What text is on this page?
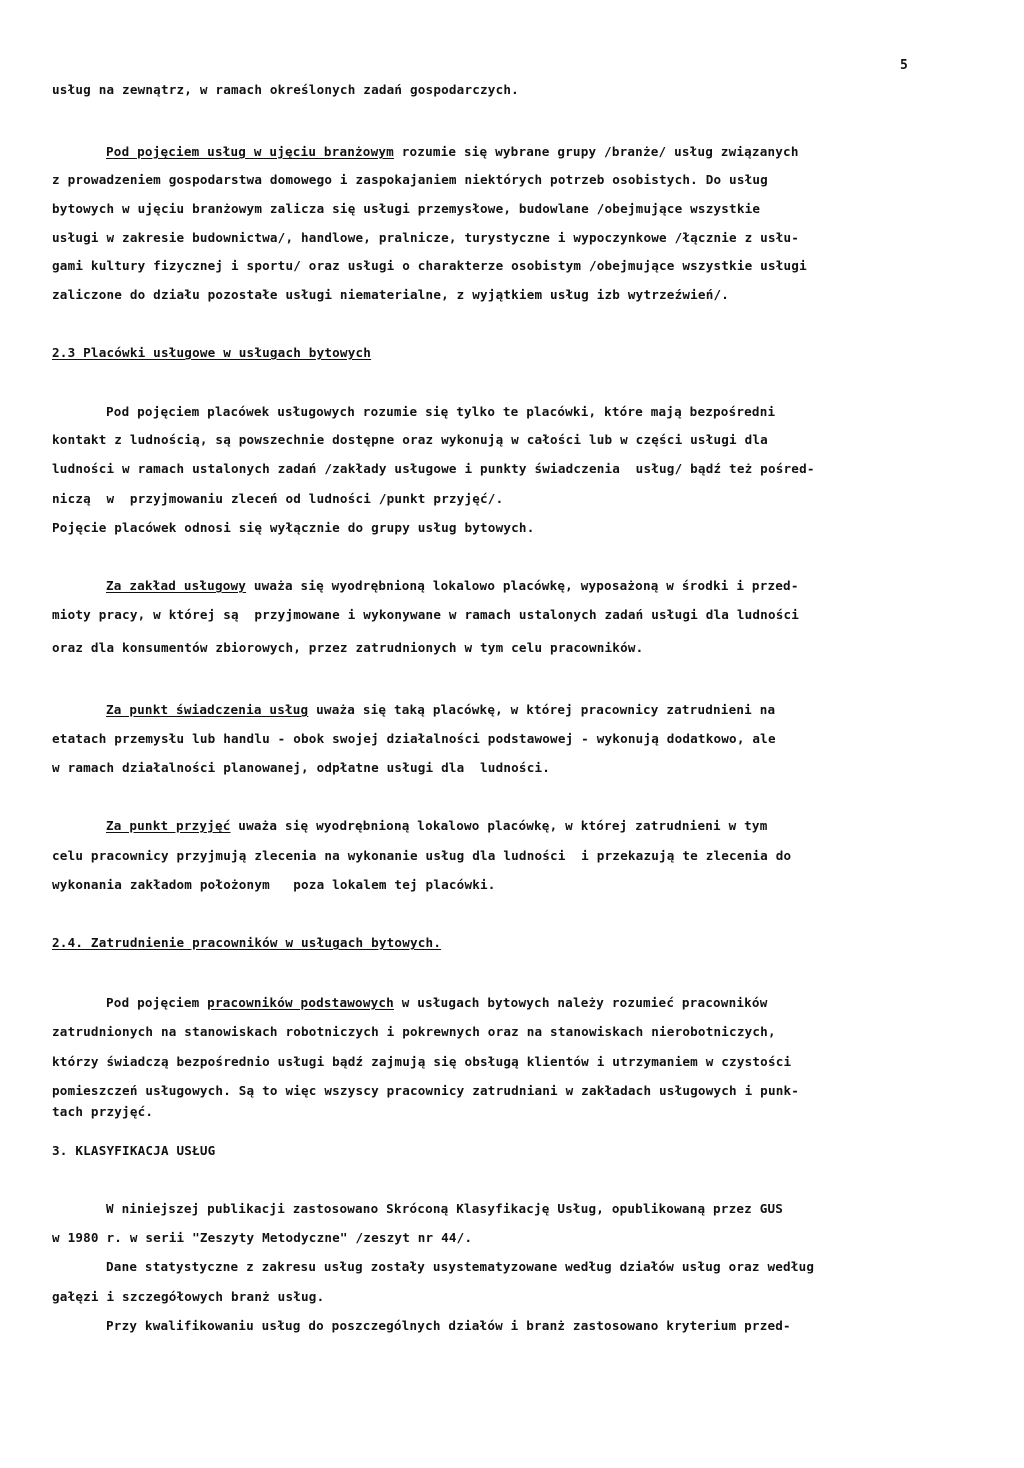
5
usług na zewnątrz, w ramach określonych zadań gospodarczych.
Pod pojęciem usług w ujęciu branżowym rozumie się wybrane grupy /branże/ usług związanych
z prowadzeniem gospodarstwa domowego i zaspokajaniem niektórych potrzeb osobistych. Do usług
bytowych w ujęciu branżowym zalicza się usługi przemysłowe, budowlane /obejmujące wszystkie
usługi w zakresie budownictwa/, handlowe, pralnicze, turystyczne i wypoczynkowe /łącznie z usłu-
gami kultury fizycznej i sportu/ oraz usługi o charakterze osobistym /obejmujące wszystkie usługi
zaliczone do działu pozostałe usługi niematerialne, z wyjątkiem usług izb wytrzeźwień/.
2.3 Placówki usługowe w usługach bytowych
Pod pojęciem placówek usługowych rozumie się tylko te placówki, które mają bezpośredni
kontakt z ludnością, są powszechnie dostępne oraz wykonują w całości lub w części usługi dla
ludności w ramach ustalonych zadań /zakłady usługowe i punkty świadczenia  usług/ bądź też pośred-
niczą  w  przyjmowaniu zleceń od ludności /punkt przyjęć/.
Pojęcie placówek odnosi się wyłącznie do grupy usług bytowych.
Za zakład usługowy uważa się wyodrębnioną lokalowo placówkę, wyposażoną w środki i przed-
mioty pracy, w której są  przyjmowane i wykonywane w ramach ustalonych zadań usługi dla ludności
oraz dla konsumentów zbiorowych, przez zatrudnionych w tym celu pracowników.
Za punkt świadczenia usług uważa się taką placówkę, w której pracownicy zatrudnieni na
etatach przemysłu lub handlu - obok swojej działalności podstawowej - wykonują dodatkowo, ale
w ramach działalności planowanej, odpłatne usługi dla  ludności.
Za punkt przyjęć uważa się wyodrębnioną lokalowo placówkę, w której zatrudnieni w tym
celu pracownicy przyjmują zlecenia na wykonanie usług dla ludności  i przekazują te zlecenia do
wykonania zakładom położonym   poza lokalem tej placówki.
2.4. Zatrudnienie pracowników w usługach bytowych.
Pod pojęciem pracowników podstawowych w usługach bytowych należy rozumieć pracowników
zatrudnionych na stanowiskach robotniczych i pokrewnych oraz na stanowiskach nierobotniczych,
którzy świadczą bezpośrednio usługi bądź zajmują się obsługą klientów i utrzymaniem w czystości
pomieszczeń usługowych. Są to więc wszyscy pracownicy zatrudniani w zakładach usługowych i punk-
tach przyjęć.
3. KLASYFIKACJA USŁUG
W niniejszej publikacji zastosowano Skróconą Klasyfikację Usług, opublikowaną przez GUS
w 1980 r. w serii "Zeszyty Metodyczne" /zeszyt nr 44/.
Dane statystyczne z zakresu usług zostały usystematyzowane według działów usług oraz według
gałęzi i szczegółowych branż usług.
Przy kwalifikowaniu usług do poszczególnych działów i branż zastosowano kryterium przed-
